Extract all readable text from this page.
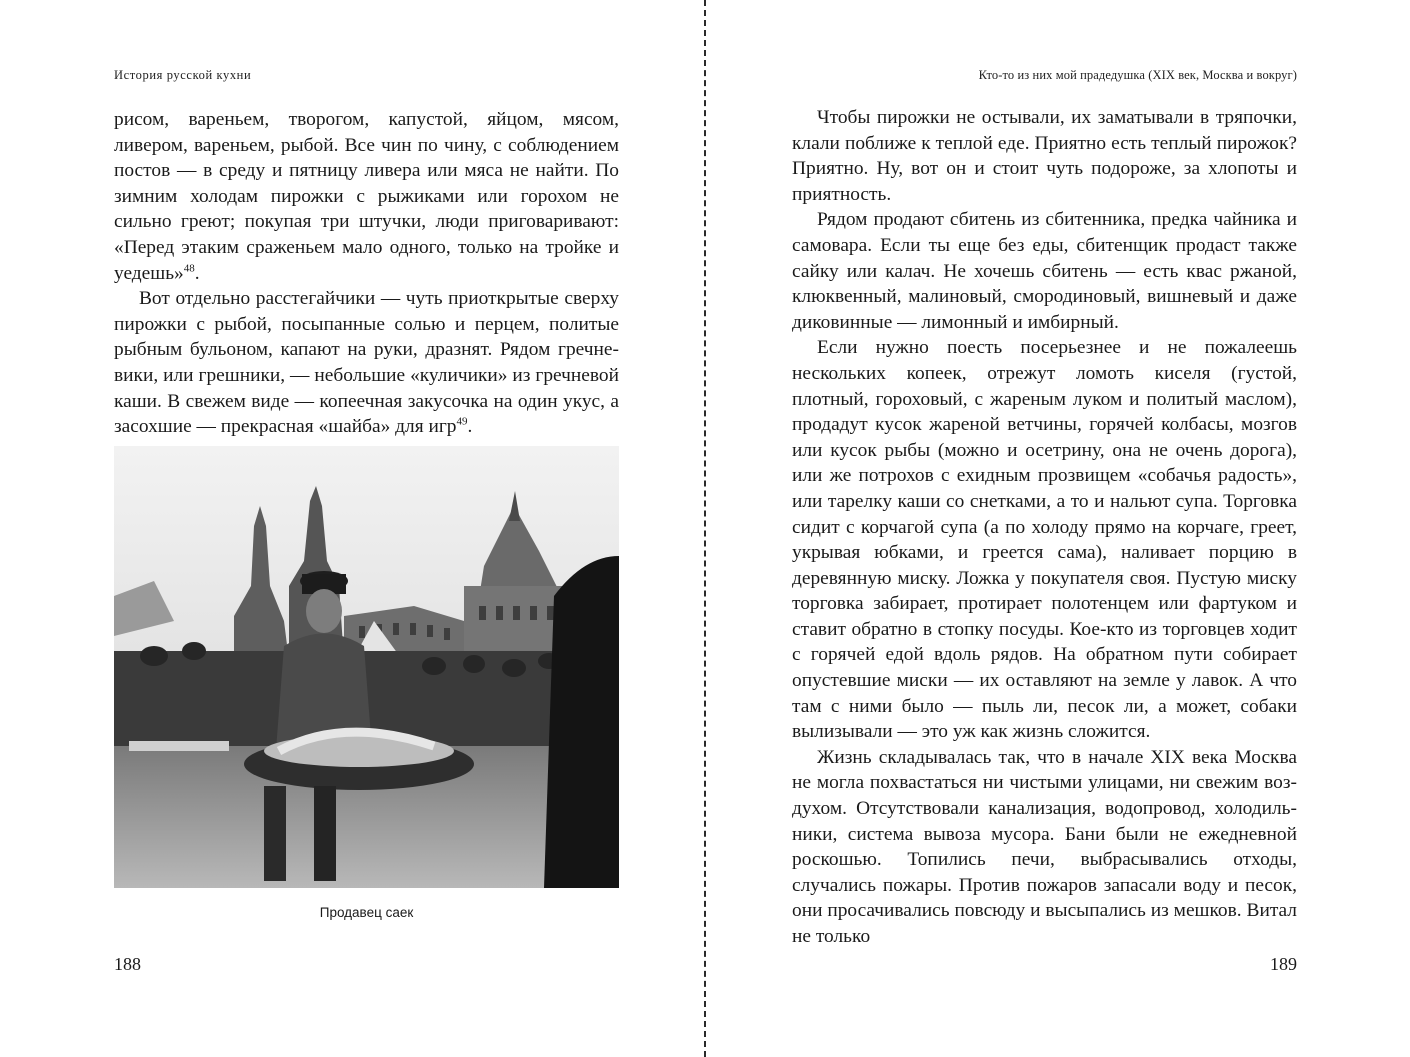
История русской кухни

рисом, вареньем, творогом, капустой, яйцом, мясом, ливером, вареньем, рыбой. Все чин по чину, с соблюдением постов — в среду и пятницу ливера или мяса не найти. По зимним холодам пирожки с рыжиками или горохом не сильно греют; покупая три штучки, люди приговаривают: «Перед этаким сраженьем мало одного, только на тройке и уедешь»$^{48}$.

Вот отдельно расстегайчики — чуть приоткрытые сверху пирожки с рыбой, посыпанные солью и перцем, политые рыбным бульоном, капают на руки, дразнят. Рядом гречневики, или грешники, — небольшие «куличики» из гречневой каши. В свежем виде — копеечная закусочка на один укус, а засохшие — прекрасная «шайба» для игр$^{49}$.

Продавец саек
188
Кто-то из них мой прадедушка (XIX век, Москва и вокруг)

Чтобы пирожки не остывали, их заматывали в тряпочки, клали поближе к теплой еде. Приятно есть теплый пирожок? Приятно. Ну, вот он и стоит чуть подороже, за хлопоты и приятность.

Рядом продают сбитень из сбитенника, предка чайника и самовара. Если ты еще без еды, сбитенщик продаст также сайку или калач. Не хочешь сбитень — есть квас ржаной, клюквенный, малиновый, смородиновый, вишневый и даже диковинные — лимонный и имбирный.

Если нужно поесть посерьезнее и не пожалеешь нескольких копеек, отрежут ломоть киселя (густой, плотный, гороховый, с жареным луком и политый маслом), продадут кусок жареной ветчины, горячей колбасы, мозгов или кусок рыбы (можно и осетрину, она не очень дорога), или же потрохов с ехидным прозвищем «собачья радость», или тарелку каши со снетками, а то и нальют супа. Торговка сидит с корчагой супа (а по холоду прямо на корчаге, греет, укрывая юбками, и греется сама), наливает порцию в деревянную миску. Ложка у покупателя своя. Пустую миску торговка забирает, протирает полотенцем или фартуком и ставит обратно в стопку посуды. Кое-кто из торговцев ходит с горячей едой вдоль рядов. На обратном пути собирает опустевшие миски — их оставляют на земле у лавок. А что там с ними было — пыль ли, песок ли, а может, собаки вылизывали — это уж как жизнь сложится.

Жизнь складывалась так, что в начале XIX века Москва не могла похвастаться ни чистыми улицами, ни свежим воздухом. Отсутствовали канализация, водопровод, холодильники, система вывоза мусора. Бани были не ежедневной роскошью. Топились печи, выбрасывались отходы, случались пожары. Против пожаров запасали воду и песок, они просачивались повсюду и высыпались из мешков. Витал не только

189
